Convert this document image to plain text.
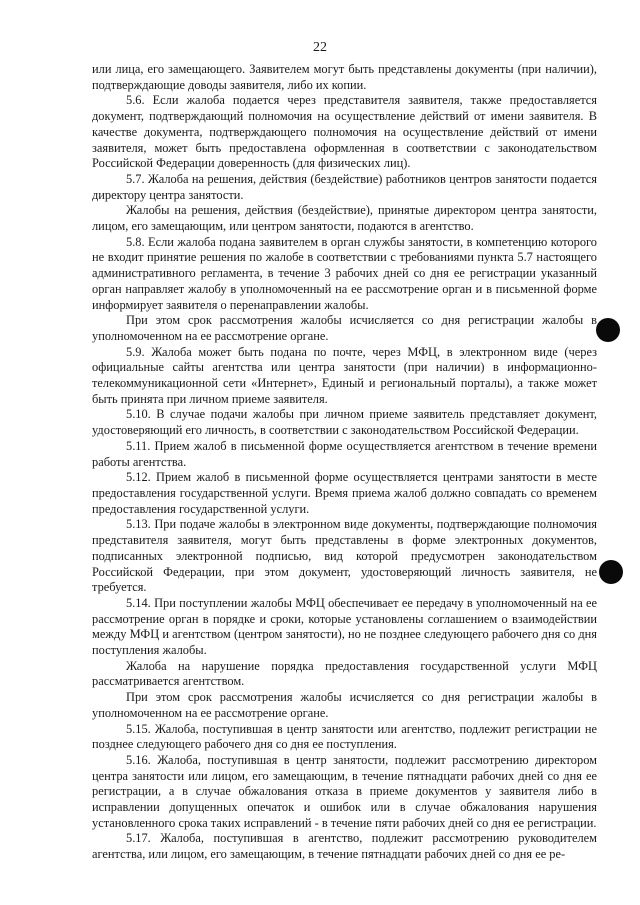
22

или лица, его замещающего. Заявителем могут быть представлены документы (при наличии), подтверждающие доводы заявителя, либо их копии.

5.6. Если жалоба подается через представителя заявителя, также предоставляется документ, подтверждающий полномочия на осуществление действий от имени заявителя. В качестве документа, подтверждающего полномочия на осуществление действий от имени заявителя, может быть предоставлена оформленная в соответствии с законодательством Российской Федерации доверенность (для физических лиц).

5.7. Жалоба на решения, действия (бездействие) работников центров занятости подается директору центра занятости.

Жалобы на решения, действия (бездействие), принятые директором центра занятости, лицом, его замещающим, или центром занятости, подаются в агентство.

5.8. Если жалоба подана заявителем в орган службы занятости, в компетенцию которого не входит принятие решения по жалобе в соответствии с требованиями пункта 5.7 настоящего административного регламента, в течение 3 рабочих дней со дня ее регистрации указанный орган направляет жалобу в уполномоченный на ее рассмотрение орган и в письменной форме информирует заявителя о перенаправлении жалобы.

При этом срок рассмотрения жалобы исчисляется со дня регистрации жалобы в уполномоченном на ее рассмотрение органе.

5.9. Жалоба может быть подана по почте, через МФЦ, в электронном виде (через официальные сайты агентства или центра занятости (при наличии) в информационно-телекоммуникационной сети «Интернет», Единый и региональный порталы), а также может быть принята при личном приеме заявителя.

5.10. В случае подачи жалобы при личном приеме заявитель представляет документ, удостоверяющий его личность, в соответствии с законодательством Российской Федерации.

5.11. Прием жалоб в письменной форме осуществляется агентством в течение времени работы агентства.

5.12. Прием жалоб в письменной форме осуществляется центрами занятости в месте предоставления государственной услуги. Время приема жалоб должно совпадать со временем предоставления государственной услуги.

5.13. При подаче жалобы в электронном виде документы, подтверждающие полномочия представителя заявителя, могут быть представлены в форме электронных документов, подписанных электронной подписью, вид которой предусмотрен законодательством Российской Федерации, при этом документ, удостоверяющий личность заявителя, не требуется.

5.14. При поступлении жалобы МФЦ обеспечивает ее передачу в уполномоченный на ее рассмотрение орган в порядке и сроки, которые установлены соглашением о взаимодействии между МФЦ и агентством (центром занятости), но не позднее следующего рабочего дня со дня поступления жалобы.

Жалоба на нарушение порядка предоставления государственной услуги МФЦ рассматривается агентством.

При этом срок рассмотрения жалобы исчисляется со дня регистрации жалобы в уполномоченном на ее рассмотрение органе.

5.15. Жалоба, поступившая в центр занятости или агентство, подлежит регистрации не позднее следующего рабочего дня со дня ее поступления.

5.16. Жалоба, поступившая в центр занятости, подлежит рассмотрению директором центра занятости или лицом, его замещающим, в течение пятнадцати рабочих дней со дня ее регистрации, а в случае обжалования отказа в приеме документов у заявителя либо в исправлении допущенных опечаток и ошибок или в случае обжалования нарушения установленного срока таких исправлений - в течение пяти рабочих дней со дня ее регистрации.

5.17. Жалоба, поступившая в агентство, подлежит рассмотрению руководителем агентства, или лицом, его замещающим, в течение пятнадцати рабочих дней со дня ее ре-
